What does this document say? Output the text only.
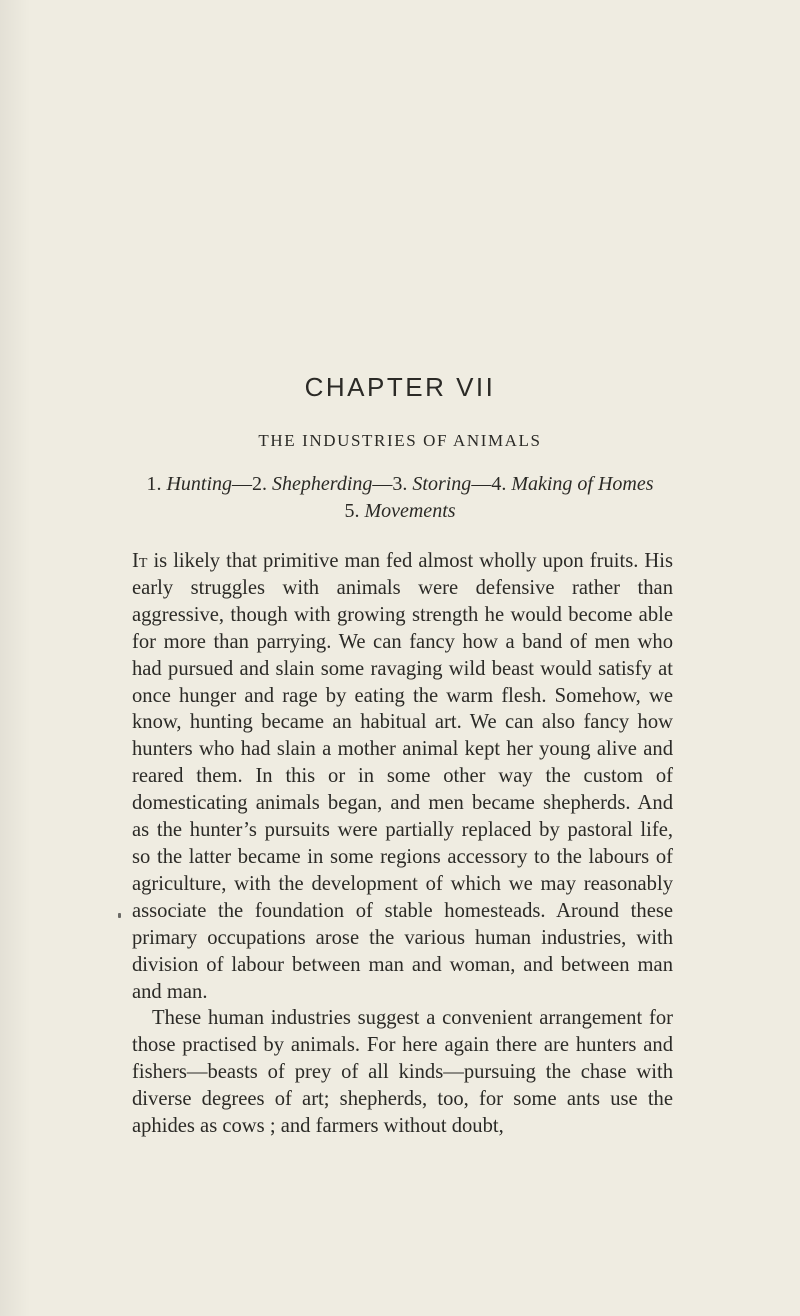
CHAPTER VII
THE INDUSTRIES OF ANIMALS
1. Hunting—2. Shepherding—3. Storing—4. Making of Homes
5. Movements

It is likely that primitive man fed almost wholly upon fruits. His early struggles with animals were defensive rather than aggressive, though with growing strength he would become able for more than parrying. We can fancy how a band of men who had pursued and slain some ravaging wild beast would satisfy at once hunger and rage by eating the warm flesh. Somehow, we know, hunting became an habitual art. We can also fancy how hunters who had slain a mother animal kept her young alive and reared them. In this or in some other way the custom of domesticating animals began, and men became shepherds. And as the hunter’s pursuits were partially replaced by pastoral life, so the latter became in some regions accessory to the labours of agriculture, with the development of which we may reasonably associate the foundation of stable homesteads. Around these primary occupations arose the various human industries, with division of labour between man and woman, and between man and man.

These human industries suggest a convenient arrangement for those practised by animals. For here again there are hunters and fishers—beasts of prey of all kinds—pursuing the chase with diverse degrees of art; shepherds, too, for some ants use the aphides as cows ; and farmers without doubt,
